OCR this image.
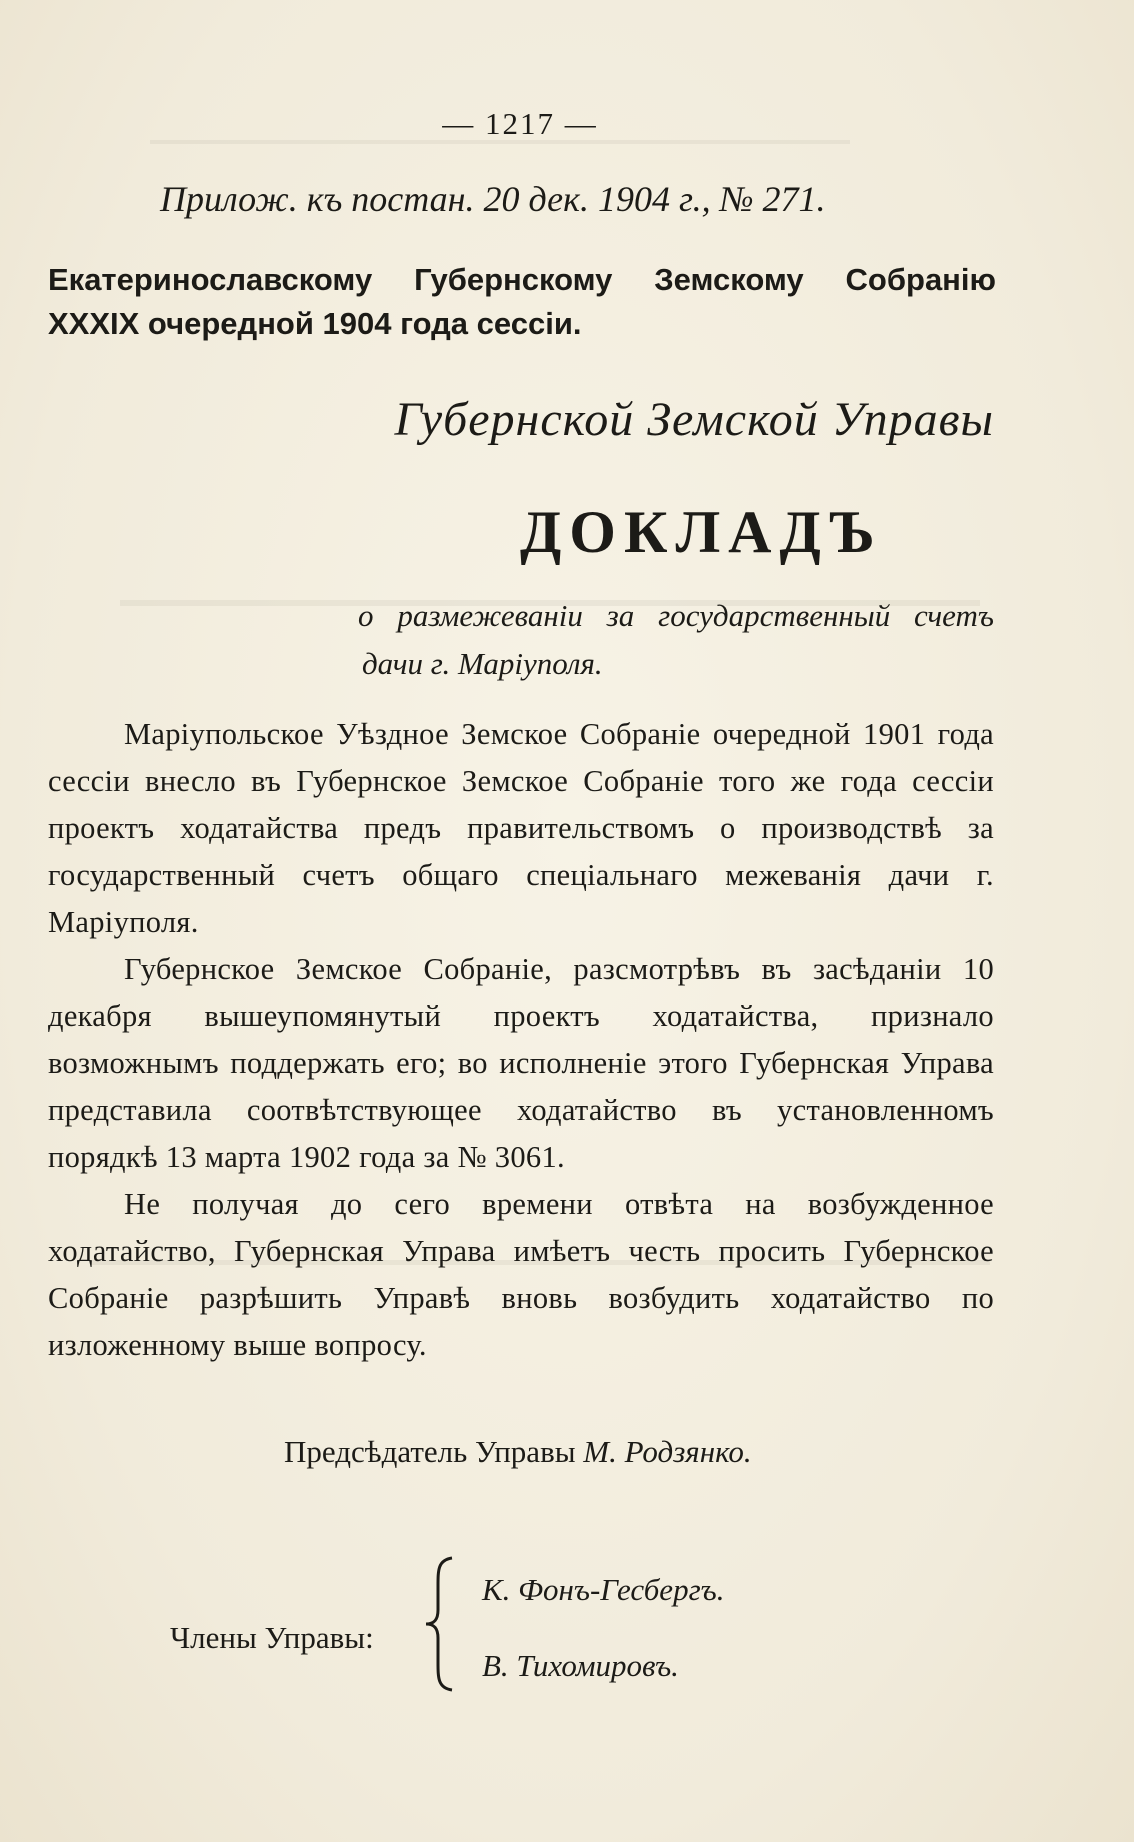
— 1217 —
Прилож. къ постан. 20 дек. 1904 г., № 271.
Екатеринославскому Губернскому Земскому Собранію XXXIX очередной 1904 года сессіи.
Губернской Земской Управы
ДОКЛАДЪ
о размежеваніи за государственный счетъ
дачи г. Маріуполя.

Маріупольское Уѣздное Земское Собраніе очередной 1901 года сессіи внесло въ Губернское Земское Собраніе того же года сессіи проектъ ходатайства предъ правительствомъ о производствѣ за государственный счетъ общаго спеціальнаго межеванія дачи г. Маріуполя.

Губернское Земское Собраніе, разсмотрѣвъ въ засѣданіи 10 декабря вышеупомянутый проектъ ходатайства, признало возможнымъ поддержать его; во исполненіе этого Губернская Управа представила соотвѣтствующее ходатайство въ установленномъ порядкѣ 13 марта 1902 года за № 3061.

Не получая до сего времени отвѣта на возбужденное ходатайство, Губернская Управа имѣетъ честь просить Губернское Собраніе разрѣшить Управѣ вновь возбудить ходатайство по изложенному выше вопросу.

Предсѣдатель Управы М. Родзянко.
Члены Управы:
К. Фонъ-Гесбергъ.
В. Тихомировъ.
